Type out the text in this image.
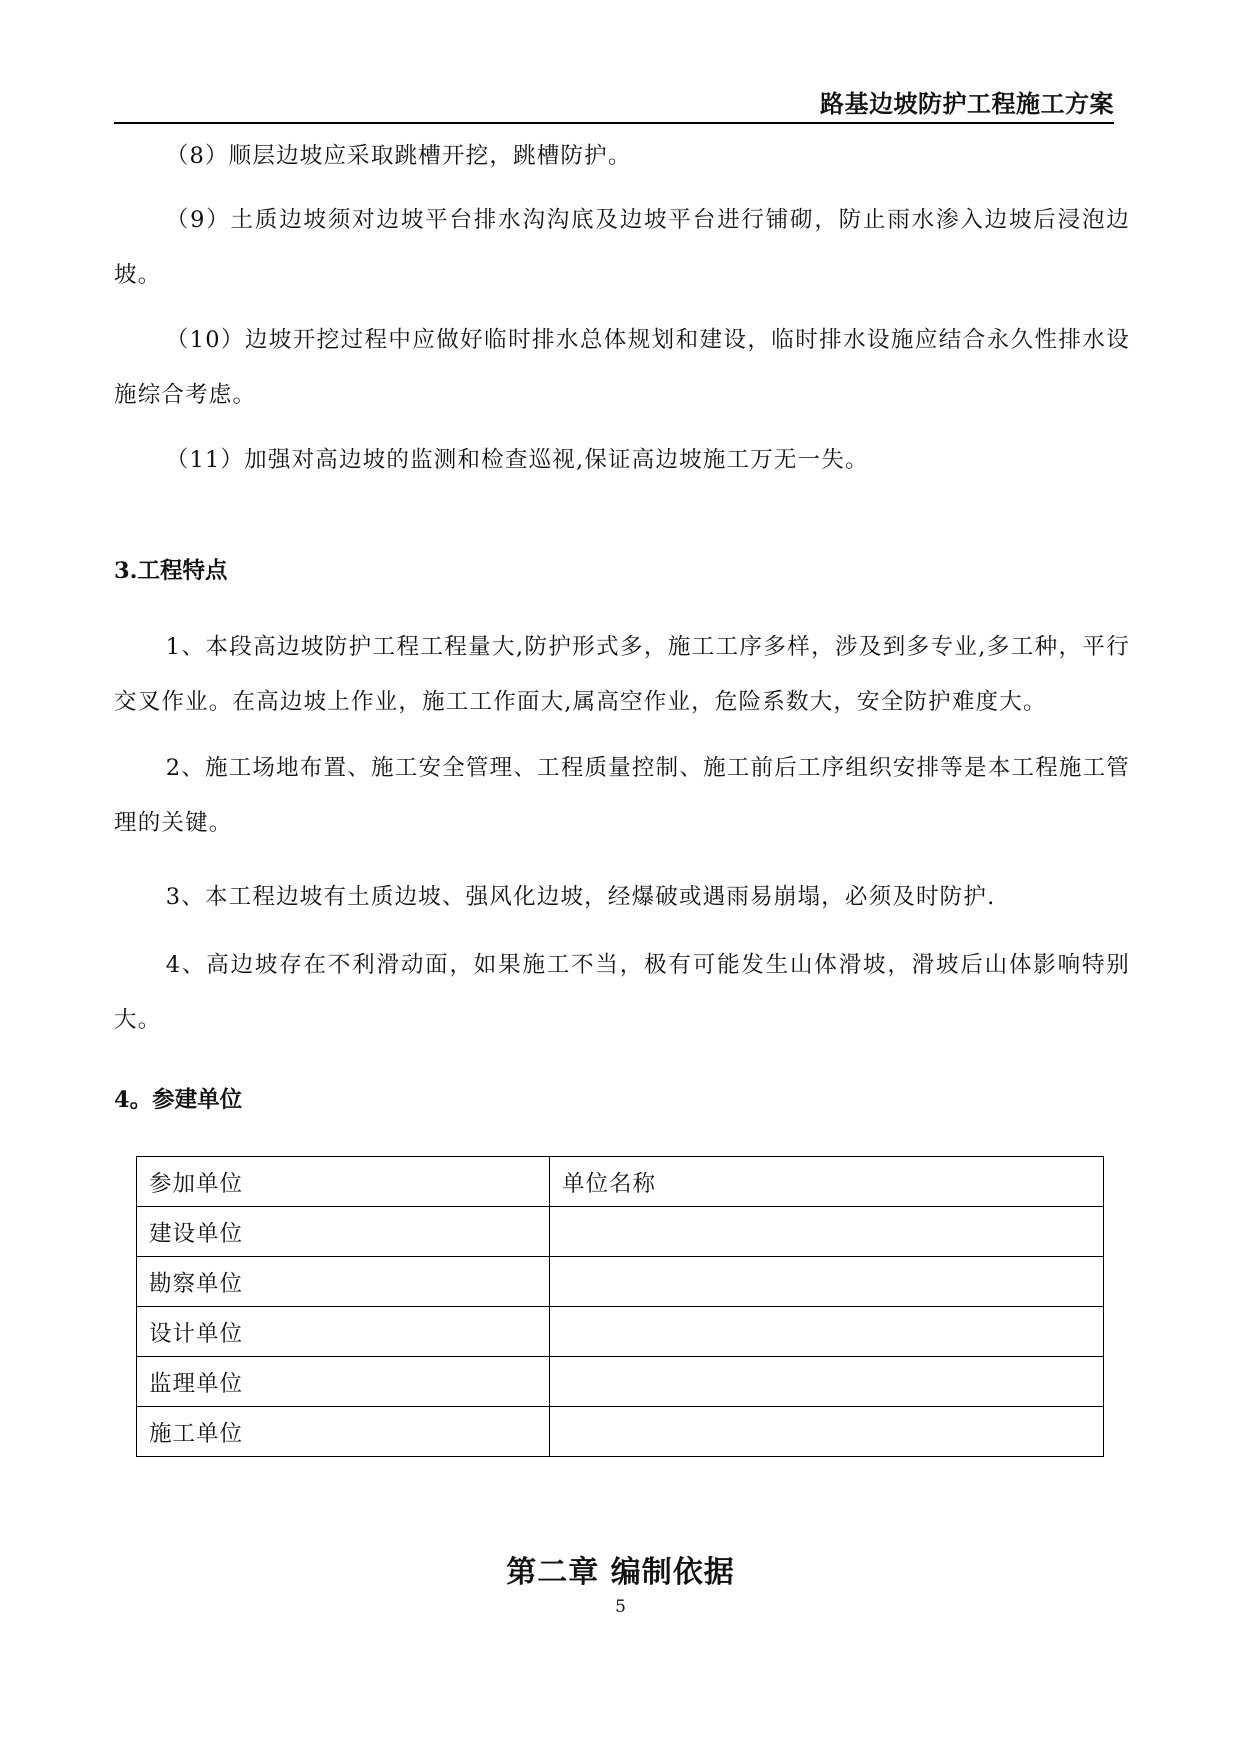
路基边坡防护工程施工方案
（8）顺层边坡应采取跳槽开挖，跳槽防护。
（9）土质边坡须对边坡平台排水沟沟底及边坡平台进行铺砌，防止雨水渗入边坡后浸泡边坡。
（10）边坡开挖过程中应做好临时排水总体规划和建设，临时排水设施应结合永久性排水设施综合考虑。
（11）加强对高边坡的监测和检查巡视,保证高边坡施工万无一失。
3.工程特点
1、本段高边坡防护工程工程量大,防护形式多，施工工序多样，涉及到多专业,多工种，平行交叉作业。在高边坡上作业，施工工作面大,属高空作业，危险系数大，安全防护难度大。
2、施工场地布置、施工安全管理、工程质量控制、施工前后工序组织安排等是本工程施工管理的关键。
3、本工程边坡有土质边坡、强风化边坡，经爆破或遇雨易崩塌，必须及时防护.
4、高边坡存在不利滑动面，如果施工不当，极有可能发生山体滑坡，滑坡后山体影响特别大。
4。参建单位
参加单位	单位名称
建设单位	
勘察单位	
设计单位	
监理单位	
施工单位	
第二章 编制依据
5
